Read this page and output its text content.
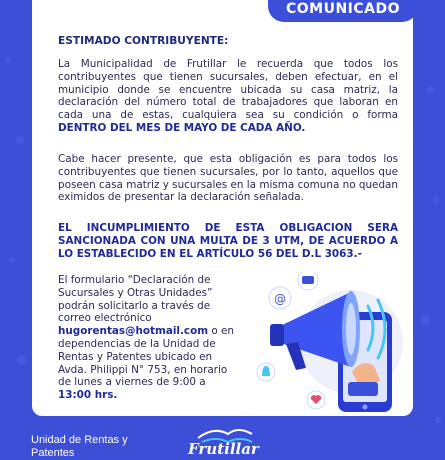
COMUNICADO
ESTIMADO CONTRIBUYENTE:
La Municipalidad de Frutillar le recuerda que todos los contribuyentes que tienen sucursales, deben efectuar, en el municipio donde se encuentre ubicada su casa matriz, la declaración del número total de trabajadores que laboran en cada una de estas, cualquiera sea su condición o forma DENTRO DEL MES DE MAYO DE CADA AÑO.
Cabe hacer presente, que esta obligación es para todos los contribuyentes que tienen sucursales, por lo tanto, aquellos que poseen casa matriz y sucursales en la misma comuna no quedan eximidos de presentar la declaración señalada.
EL INCUMPLIMIENTO DE ESTA OBLIGACION SERA SANCIONADA CON UNA MULTA DE 3 UTM, DE ACUERDO A LO ESTABLECIDO EN EL ARTÍCULO 56 DEL D.L 3063.-
El formulario “Declaración de Sucursales y Otras Unidades” podrán solicitarlo a través de correo electrónico hugorentas@hotmail.com o en dependencias de la Unidad de Rentas y Patentes ubicado en Avda. Philippi N° 753, en horario de lunes a viernes de 9:00 a 13:00 hrs.
@
Unidad de Rentas y Patentes	Frutillar
